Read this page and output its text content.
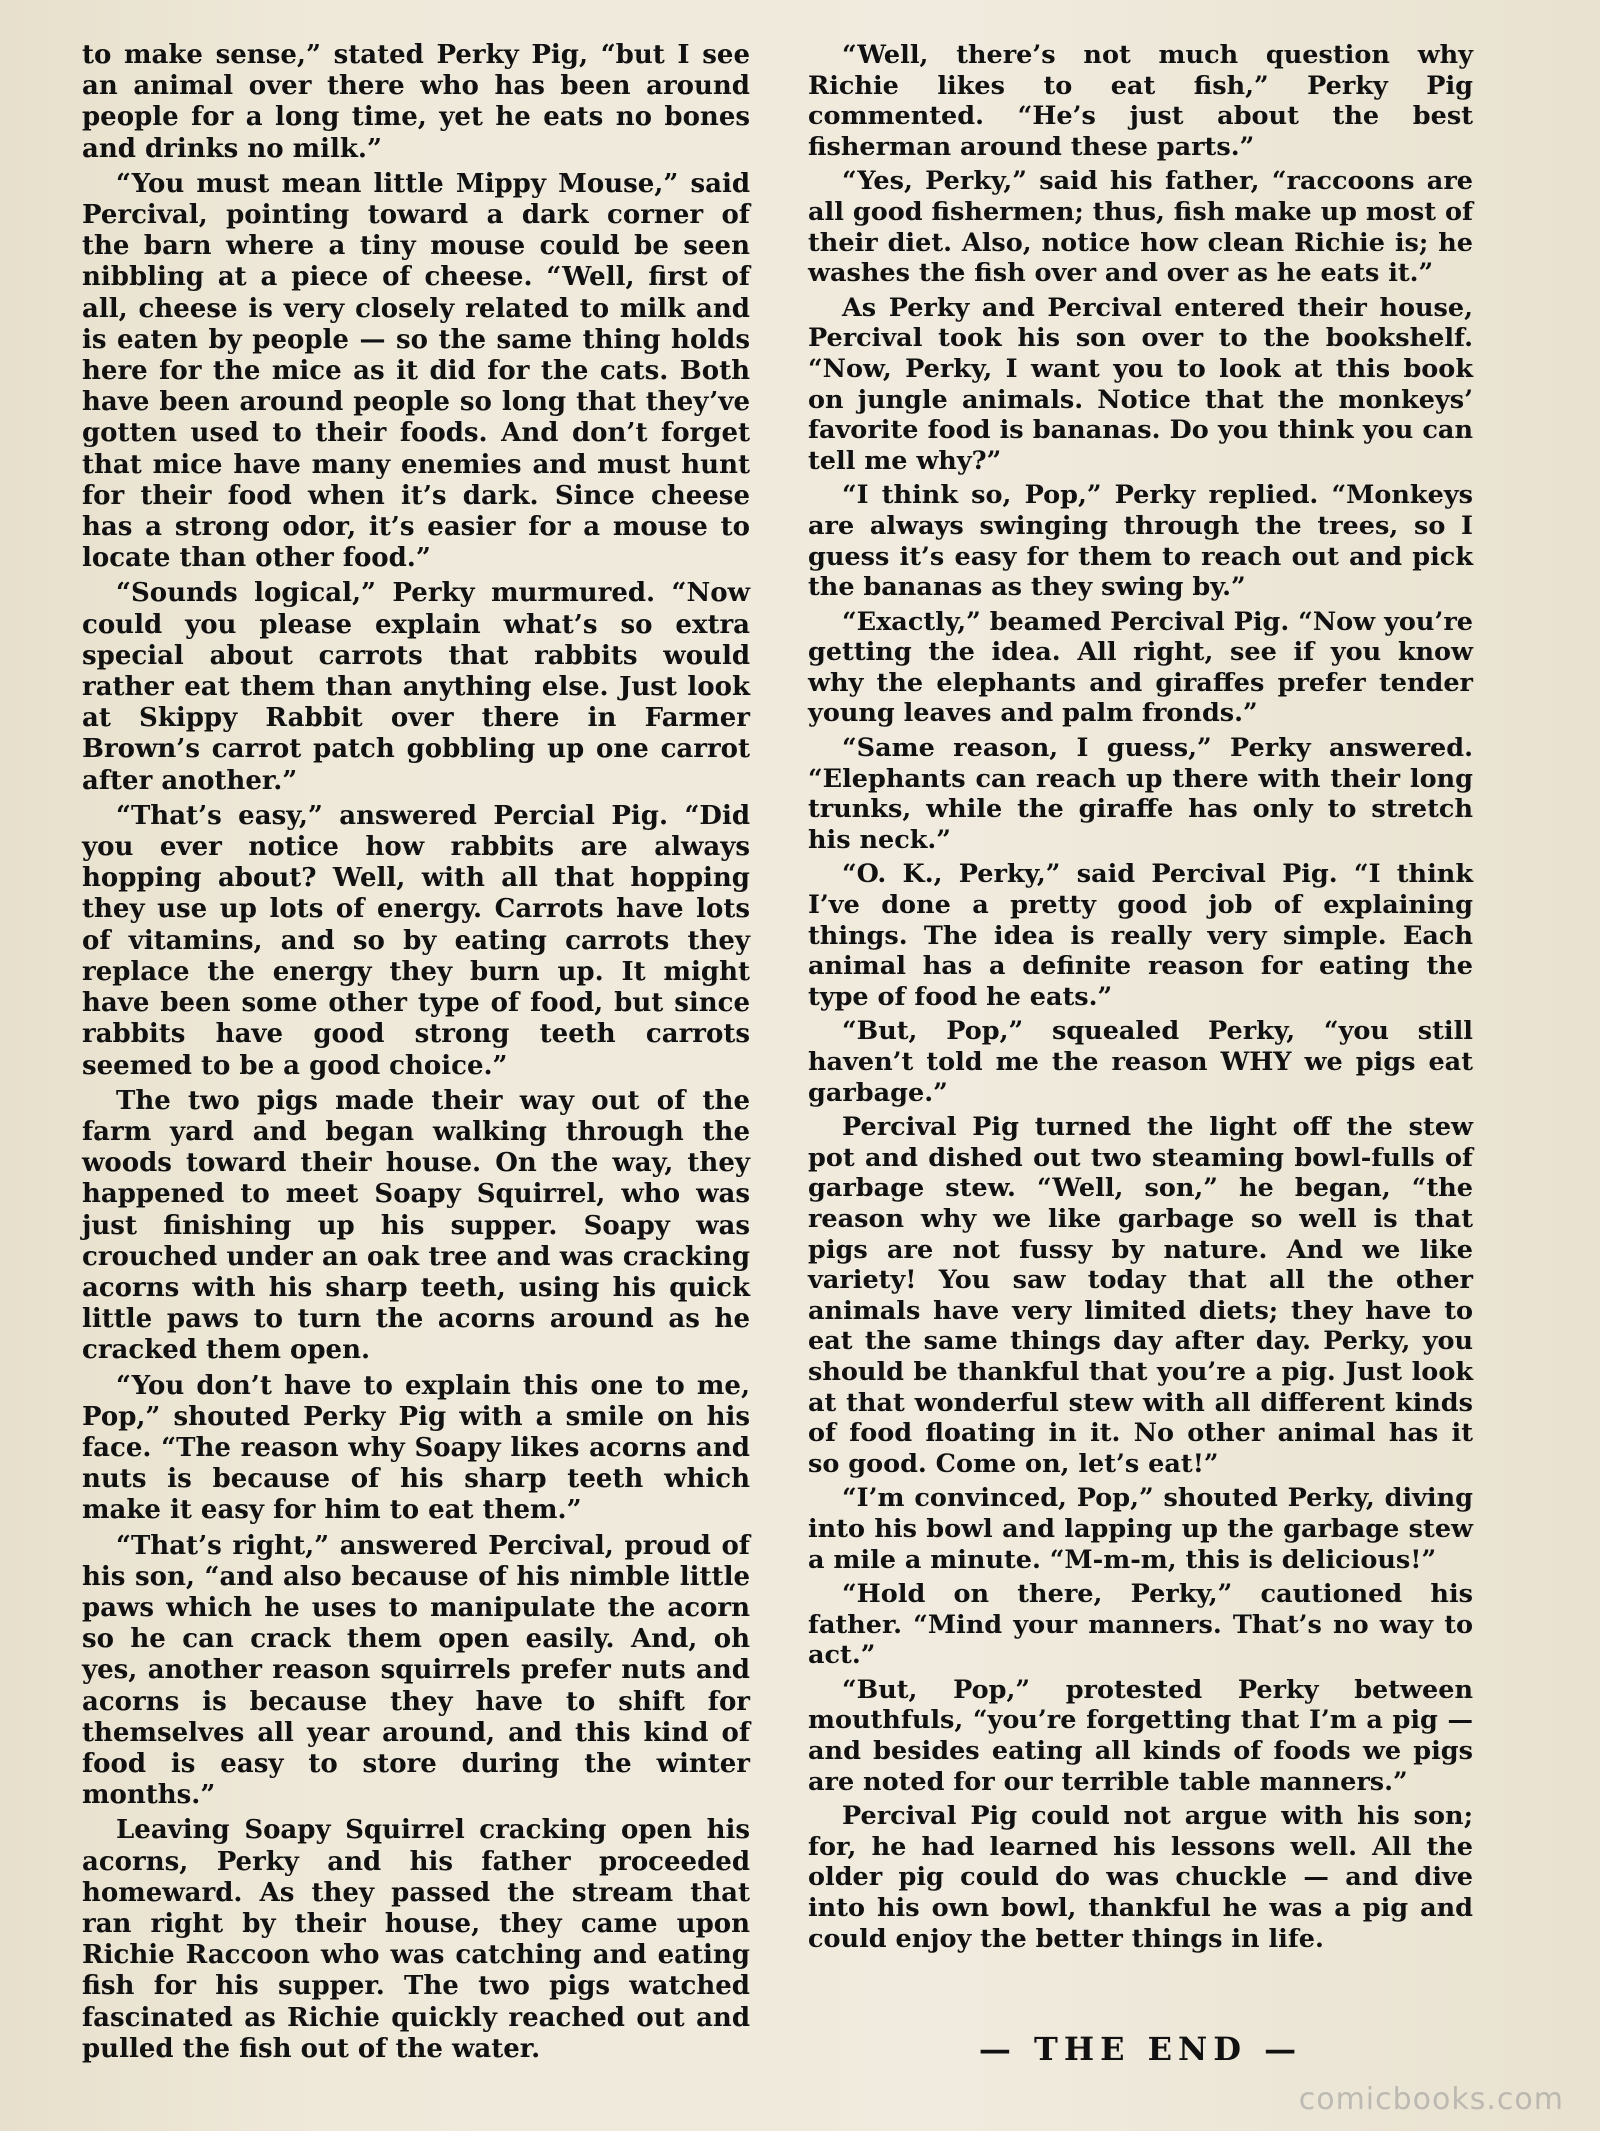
to make sense,” stated Perky Pig, “but I see an animal over there who has been around people for a long time, yet he eats no bones and drinks no milk.”

“You must mean little Mippy Mouse,” said Percival, pointing toward a dark corner of the barn where a tiny mouse could be seen nibbling at a piece of cheese. “Well, first of all, cheese is very closely related to milk and is eaten by people — so the same thing holds here for the mice as it did for the cats. Both have been around people so long that they’ve gotten used to their foods. And don’t forget that mice have many enemies and must hunt for their food when it’s dark. Since cheese has a strong odor, it’s easier for a mouse to locate than other food.”

“Sounds logical,” Perky murmured. “Now could you please explain what’s so extra special about carrots that rabbits would rather eat them than anything else. Just look at Skippy Rabbit over there in Farmer Brown’s carrot patch gobbling up one carrot after another.”

“That’s easy,” answered Percial Pig. “Did you ever notice how rabbits are always hopping about? Well, with all that hopping they use up lots of energy. Carrots have lots of vitamins, and so by eating carrots they replace the energy they burn up. It might have been some other type of food, but since rabbits have good strong teeth carrots seemed to be a good choice.”

The two pigs made their way out of the farm yard and began walking through the woods toward their house. On the way, they happened to meet Soapy Squirrel, who was just finishing up his supper. Soapy was crouched under an oak tree and was cracking acorns with his sharp teeth, using his quick little paws to turn the acorns around as he cracked them open.

“You don’t have to explain this one to me, Pop,” shouted Perky Pig with a smile on his face. “The reason why Soapy likes acorns and nuts is because of his sharp teeth which make it easy for him to eat them.”

“That’s right,” answered Percival, proud of his son, “and also because of his nimble little paws which he uses to manipulate the acorn so he can crack them open easily. And, oh yes, another reason squirrels prefer nuts and acorns is because they have to shift for themselves all year around, and this kind of food is easy to store during the winter months.”

Leaving Soapy Squirrel cracking open his acorns, Perky and his father proceeded homeward. As they passed the stream that ran right by their house, they came upon Richie Raccoon who was catching and eating fish for his supper. The two pigs watched fascinated as Richie quickly reached out and pulled the fish out of the water.

“Well, there’s not much question why Richie likes to eat fish,” Perky Pig commented. “He’s just about the best fisherman around these parts.”

“Yes, Perky,” said his father, “raccoons are all good fishermen; thus, fish make up most of their diet. Also, notice how clean Richie is; he washes the fish over and over as he eats it.”

As Perky and Percival entered their house, Percival took his son over to the bookshelf. “Now, Perky, I want you to look at this book on jungle animals. Notice that the monkeys’ favorite food is bananas. Do you think you can tell me why?”

“I think so, Pop,” Perky replied. “Monkeys are always swinging through the trees, so I guess it’s easy for them to reach out and pick the bananas as they swing by.”

“Exactly,” beamed Percival Pig. “Now you’re getting the idea. All right, see if you know why the elephants and giraffes prefer tender young leaves and palm fronds.”

“Same reason, I guess,” Perky answered. “Elephants can reach up there with their long trunks, while the giraffe has only to stretch his neck.”

“O. K., Perky,” said Percival Pig. “I think I’ve done a pretty good job of explaining things. The idea is really very simple. Each animal has a definite reason for eating the type of food he eats.”

“But, Pop,” squealed Perky, “you still haven’t told me the reason WHY we pigs eat garbage.”

Percival Pig turned the light off the stew pot and dished out two steaming bowl-fulls of garbage stew. “Well, son,” he began, “the reason why we like garbage so well is that pigs are not fussy by nature. And we like variety! You saw today that all the other animals have very limited diets; they have to eat the same things day after day. Perky, you should be thankful that you’re a pig. Just look at that wonderful stew with all different kinds of food floating in it. No other animal has it so good. Come on, let’s eat!”

“I’m convinced, Pop,” shouted Perky, diving into his bowl and lapping up the garbage stew a mile a minute. “M-m-m, this is delicious!”

“Hold on there, Perky,” cautioned his father. “Mind your manners. That’s no way to act.”

“But, Pop,” protested Perky between mouthfuls, “you’re forgetting that I’m a pig — and besides eating all kinds of foods we pigs are noted for our terrible table manners.”

Percival Pig could not argue with his son; for, he had learned his lessons well. All the older pig could do was chuckle — and dive into his own bowl, thankful he was a pig and could enjoy the better things in life.

— THE END —
comicbooks.com
